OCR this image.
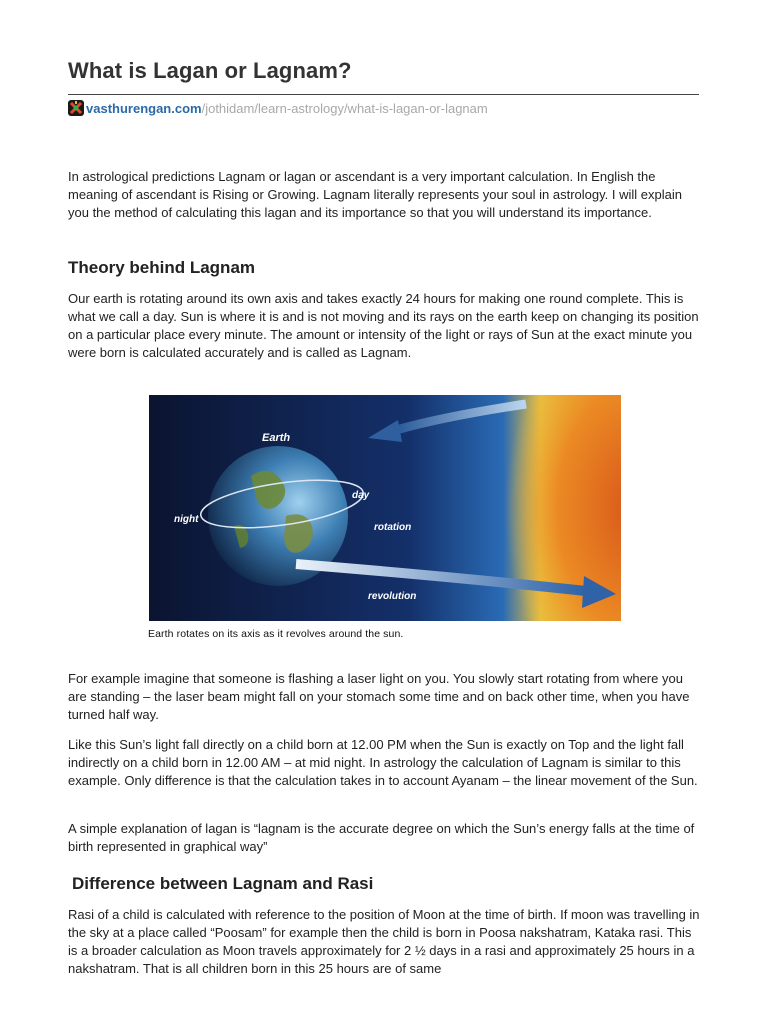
What is Lagan or Lagnam?
vasthurengan.com /jothidam/learn-astrology/what-is-lagan-or-lagnam

In astrological predictions Lagnam or lagan or ascendant is a very important calculation. In English the meaning of ascendant is Rising or Growing. Lagnam literally represents your soul in astrology. I will explain you the method of calculating this lagan and its importance so that you will understand its importance.

Theory behind Lagnam

Our earth is rotating around its own axis and takes exactly 24 hours for making one round complete. This is what we call a day. Sun is where it is and is not moving and its rays on the earth keep on changing its position on a particular place every minute. The amount or intensity of the light or rays of Sun at the exact minute you were born is calculated accurately and is called as Lagnam.

Earth
day
night
rotation
revolution
Earth rotates on its axis as it revolves around the sun.

For example imagine that someone is flashing a laser light on you. You slowly start rotating from where you are standing – the laser beam might fall on your stomach some time and on back other time, when you have turned half way.

Like this Sun’s light fall directly on a child born at 12.00 PM when the Sun is exactly on Top and the light fall indirectly on a child born in 12.00 AM – at mid night. In astrology the calculation of Lagnam is similar to this example. Only difference is that the calculation takes in to account Ayanam – the linear movement of the Sun.

A simple explanation of lagan is “lagnam is the accurate degree on which the Sun’s energy falls at the time of birth represented in graphical way”

Difference between Lagnam and Rasi

Rasi of a child is calculated with reference to the position of Moon at the time of birth. If moon was travelling in the sky at a place called “Poosam” for example then the child is born in Poosa nakshatram, Kataka rasi. This is a broader calculation as Moon travels approximately for 2 ½ days in a rasi and approximately 25 hours in a nakshatram. That is all children born in this 25 hours are of same
